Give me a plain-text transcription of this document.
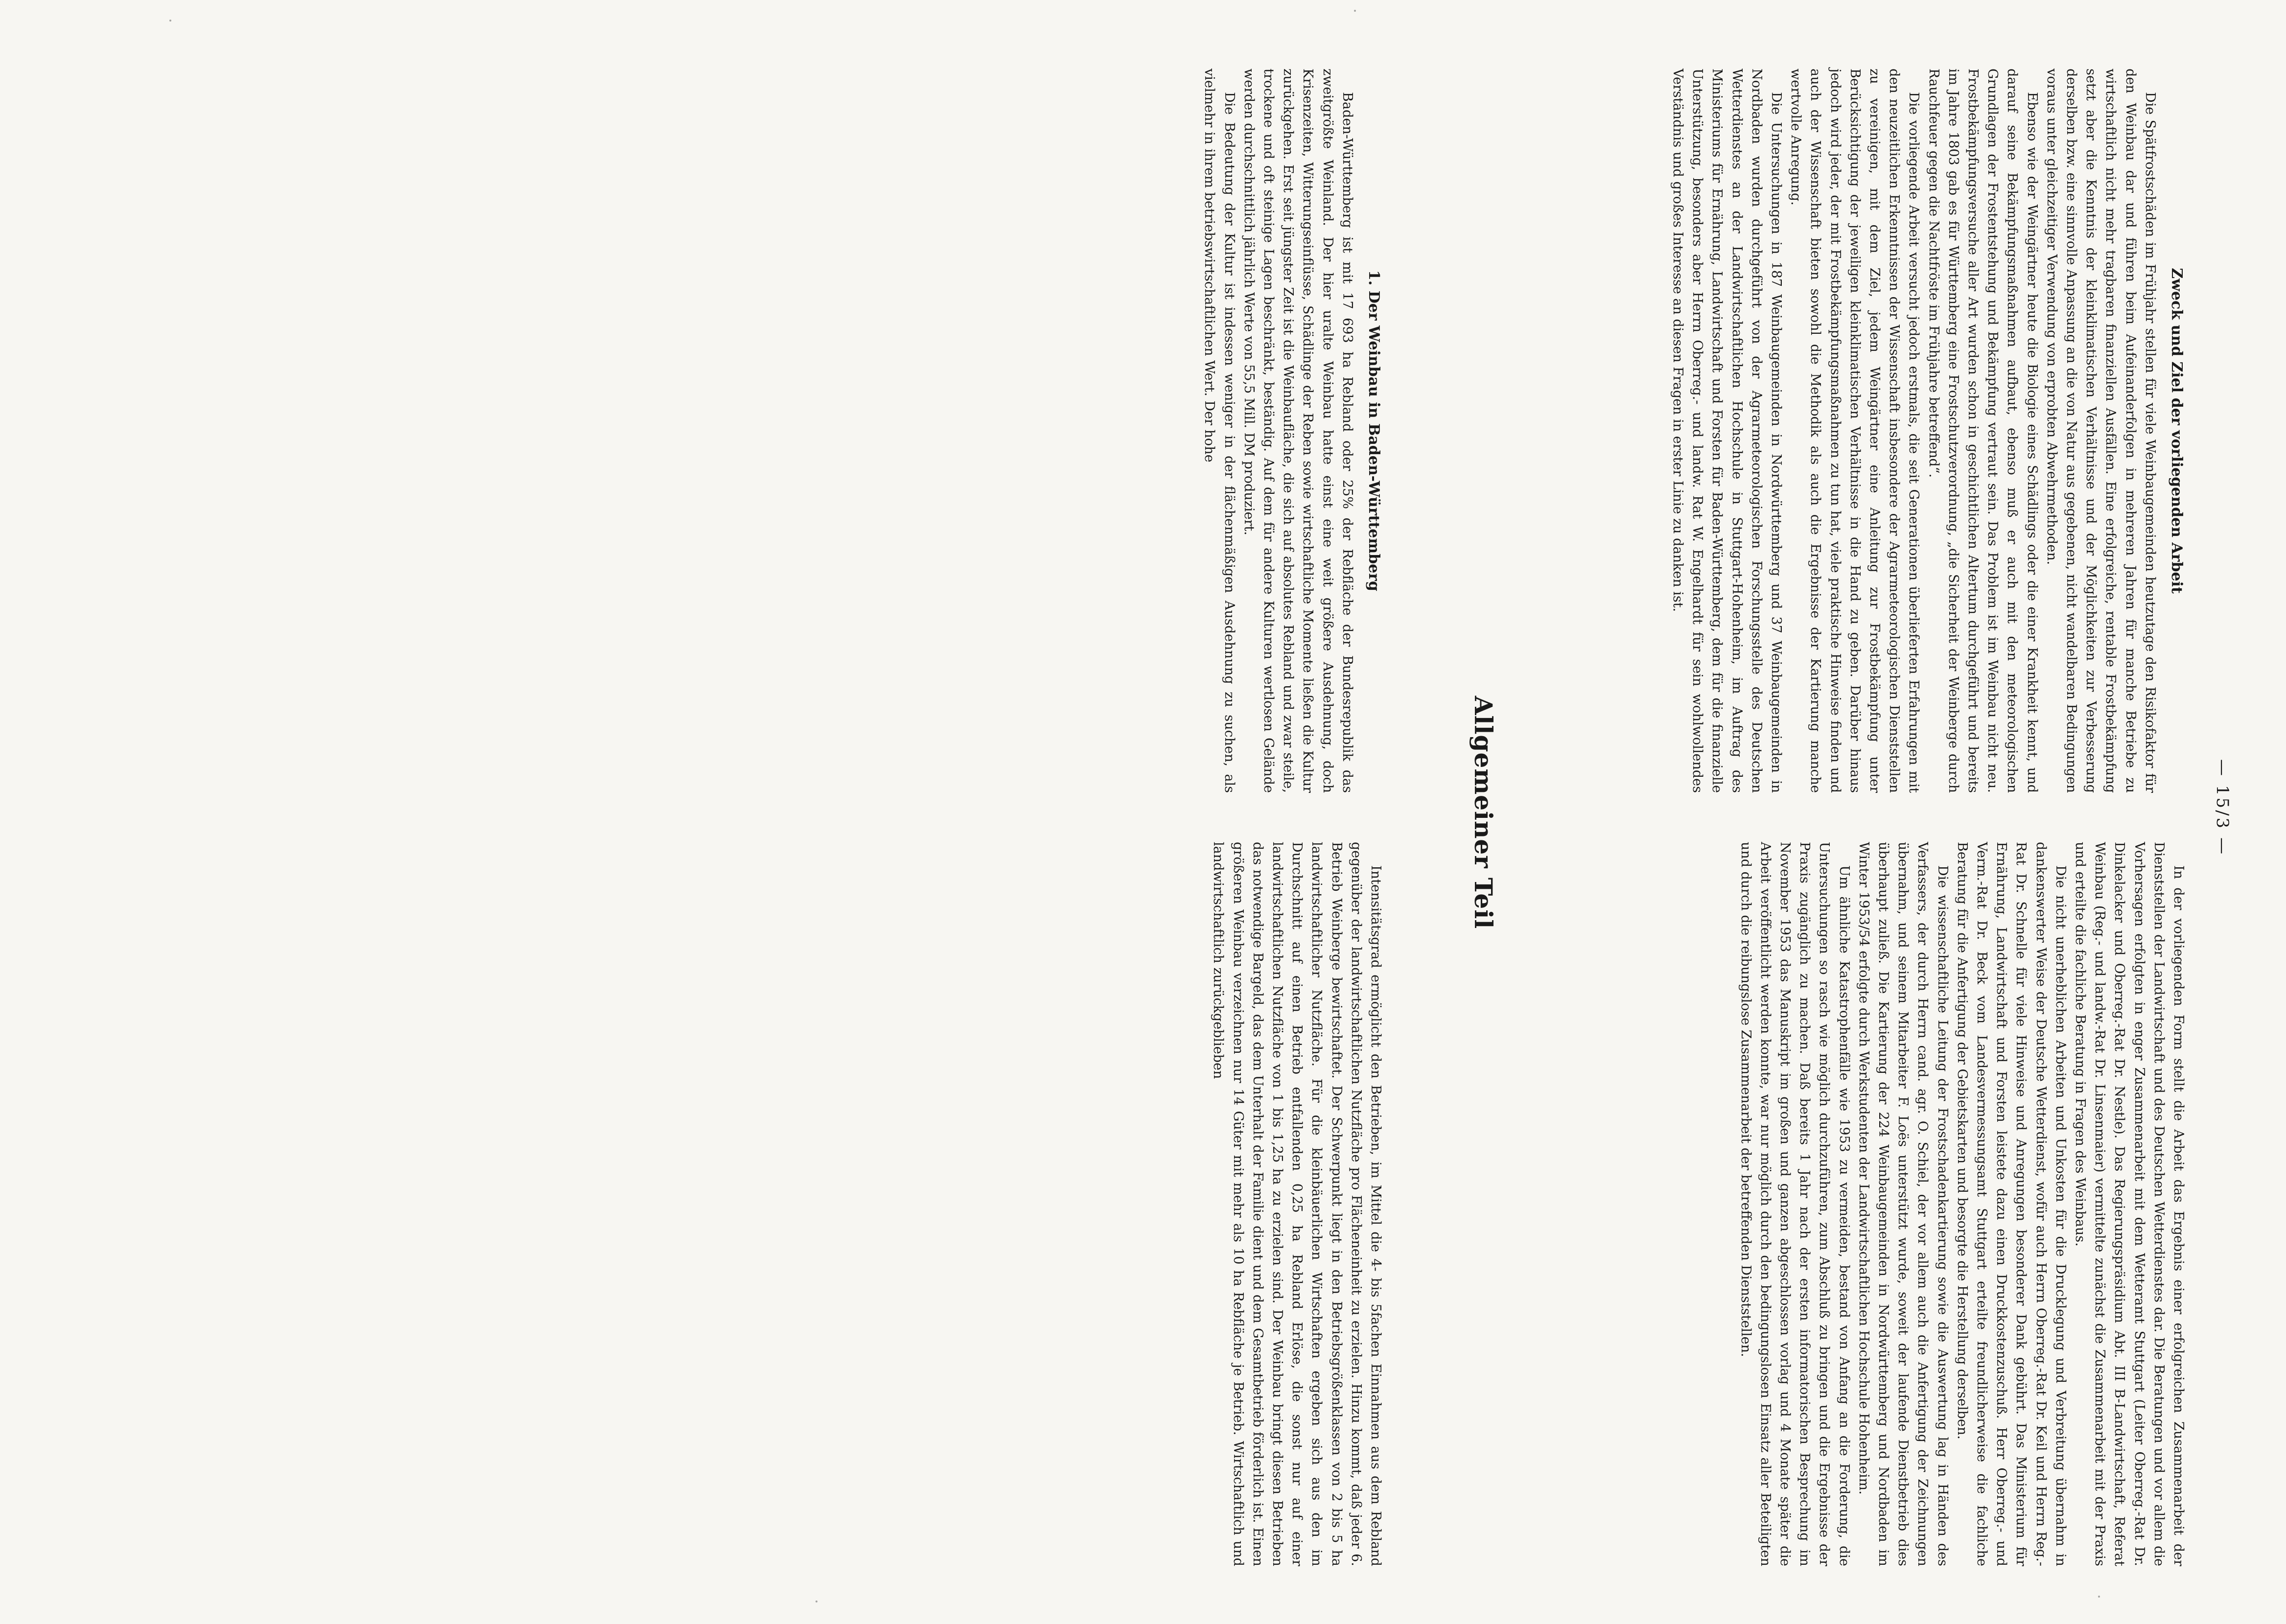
— 15/3 —
Zweck und Ziel der vorliegenden Arbeit

Die Spätfrostschäden im Frühjahr stellen für viele Weinbaugemeinden heutzutage den Risikofaktor für den Weinbau dar und führen beim Aufeinanderfolgen in mehreren Jahren für manche Betriebe zu wirtschaftlich nicht mehr tragbaren finanziellen Ausfällen. Eine erfolgreiche, rentable Frostbekämpfung setzt aber die Kenntnis der kleinklimatischen Verhältnisse und der Möglichkeiten zur Verbesserung derselben bzw. eine sinnvolle Anpassung an die von Natur aus gegebenen, nicht wandelbaren Bedingungen voraus unter gleichzeitiger Verwendung von erprobten Abwehrmethoden.

Ebenso wie der Weingärtner heute die Biologie eines Schädlings oder die einer Krankheit kennt, und darauf seine Bekämpfungsmaßnahmen aufbaut, ebenso muß er auch mit den meteorologischen Grundlagen der Frostentstehung und Bekämpfung vertraut sein. Das Problem ist im Weinbau nicht neu. Frostbekämpfungsversuche aller Art wurden schon in geschichtlichen Altertum durchgeführt und bereits im Jahre 1803 gab es für Württemberg eine Frostschutzverordnung, „die Sicherheit der Weinberge durch Rauchfeuer gegen die Nachtfröste im Frühjahre betreffend“.

Die vorliegende Arbeit versucht jedoch erstmals, die seit Generationen überlieferten Erfahrungen mit den neuzeitlichen Erkenntnissen der Wissenschaft insbesondere der Agrarmeteorologischen Dienststellen zu vereinigen, mit dem Ziel, jedem Weingärtner eine Anleitung zur Frostbekämpfung unter Berücksichtigung der jeweiligen kleinklimatischen Verhältnisse in die Hand zu geben. Darüber hinaus jedoch wird jeder, der mit Frostbekämpfungsmaßnahmen zu tun hat, viele praktische Hinweise finden und auch der Wissenschaft bieten sowohl die Methodik als auch die Ergebnisse der Kartierung manche wertvolle Anregung.

Die Untersuchungen in 187 Weinbaugemeinden in Nordwürttemberg und 37 Weinbaugemeinden in Nordbaden wurden durchgeführt von der Agrarmeteorologischen Forschungsstelle des Deutschen Wetterdienstes an der Landwirtschaftlichen Hochschule in Stuttgart-Hohenheim, im Auftrag des Ministeriums für Ernährung, Landwirtschaft und Forsten für Baden-Württemberg, dem für die finanzielle Unterstützung, besonders aber Herrn Oberreg.- und landw. Rat W. Engelhardt für sein wohlwollendes Verständnis und großes Interesse an diesen Fragen in erster Linie zu danken ist.

In der vorliegenden Form stellt die Arbeit das Ergebnis einer erfolgreichen Zusammenarbeit der Dienststellen der Landwirtschaft und des Deutschen Wetterdienstes dar. Die Beratungen und vor allem die Vorhersagen erfolgten in enger Zusammenarbeit mit dem Wetteramt Stuttgart (Leiter Oberreg.-Rat Dr. Dinkelacker und Oberreg.-Rat Dr. Nestle). Das Regierungspräsidium Abt. III B-Landwirtschaft, Referat Weinbau (Reg.- und landw.-Rat Dr. Linsenmaier) vermittelte zunächst die Zusammenarbeit mit der Praxis und erteilte die fachliche Beratung in Fragen des Weinbaus.

Die nicht unerheblichen Arbeiten und Unkosten für die Drucklegung und Verbreitung übernahm in dankenswerter Weise der Deutsche Wetterdienst, wofür auch Herrn Oberreg.-Rat Dr. Keil und Herrn Reg.-Rat Dr. Schnelle für viele Hinweise und Anregungen besonderer Dank gebührt. Das Ministerium für Ernährung, Landwirtschaft und Forsten leistete dazu einen Druckkostenzuschuß. Herr Oberreg.- und Verm.-Rat Dr. Beck vom Landesvermessungsamt Stuttgart erteilte freundlicherweise die fachliche Beratung für die Anfertigung der Gebietskarten und besorgte die Herstellung derselben.

Die wissenschaftliche Leitung der Frostschadenkartierung sowie die Auswertung lag in Händen des Verfassers, der durch Herrn cand. agr. O. Schiel, der vor allem auch die Anfertigung der Zeichnungen übernahm, und seinem Mitarbeiter F. Loës unterstützt wurde, soweit der laufende Dienstbetrieb dies überhaupt zuließ. Die Kartierung der 224 Weinbaugemeinden in Nordwürttemberg und Nordbaden im Winter 1953/54 erfolgte durch Werkstudenten der Landwirtschaftlichen Hochschule Hohenheim.

Um ähnliche Katastrophenfälle wie 1953 zu vermeiden, bestand von Anfang an die Forderung, die Untersuchungen so rasch wie möglich durchzuführen, zum Abschluß zu bringen und die Ergebnisse der Praxis zugänglich zu machen. Daß bereits 1 Jahr nach der ersten informatorischen Besprechung im November 1953 das Manuskript im großen und ganzen abgeschlossen vorlag und 4 Monate später die Arbeit veröffentlicht werden konnte, war nur möglich durch den bedingungslosen Einsatz aller Beteiligten und durch die reibungslose Zusammenarbeit der betreffenden Dienststellen.

Allgemeiner Teil
1. Der Weinbau in Baden-Württemberg

Baden-Württemberg ist mit 17 693 ha Rebland oder 25% der Rebfläche der Bundesrepublik das zweitgrößte Weinland. Der hier uralte Weinbau hatte einst eine weit größere Ausdehnung, doch Krisenzeiten, Witterungseinflüsse, Schädlinge der Reben sowie wirtschaftliche Momente ließen die Kultur zurückgehen. Erst seit jüngster Zeit ist die Weinbaufläche, die sich auf absolutes Rebland und zwar steile, trockene und oft steinige Lagen beschränkt, beständig. Auf dem für andere Kulturen wertlosen Gelände werden durchschnittlich jährlich Werte von 55,5 Mill. DM produziert.

Die Bedeutung der Kultur ist indessen weniger in der flächenmäßigen Ausdehnung zu suchen, als vielmehr in ihrem betriebswirtschaftlichen Wert. Der hohe

Intensitätsgrad ermöglicht den Betrieben, im Mittel die 4- bis 5fachen Einnahmen aus dem Rebland gegenüber der landwirtschaftlichen Nutzfläche pro Flächeneinheit zu erzielen. Hinzu kommt, daß jeder 6. Betrieb Weinberge bewirtschaftet. Der Schwerpunkt liegt in den Betriebsgrößenklassen von 2 bis 5 ha landwirtschaftlicher Nutzfläche. Für die kleinbäuerlichen Wirtschaften ergeben sich aus den im Durchschnitt auf einen Betrieb entfallenden 0,25 ha Rebland Erlöse, die sonst nur auf einer landwirtschaftlichen Nutzfläche von 1 bis 1,25 ha zu erzielen sind. Der Weinbau bringt diesen Betrieben das notwendige Bargeld, das dem Unterhalt der Familie dient und dem Gesamtbetrieb förderlich ist. Einen größeren Weinbau verzeichnen nur 14 Güter mit mehr als 10 ha Rebfläche je Betrieb. Wirtschaftlich und landwirtschaftlich zurückgeblieben
